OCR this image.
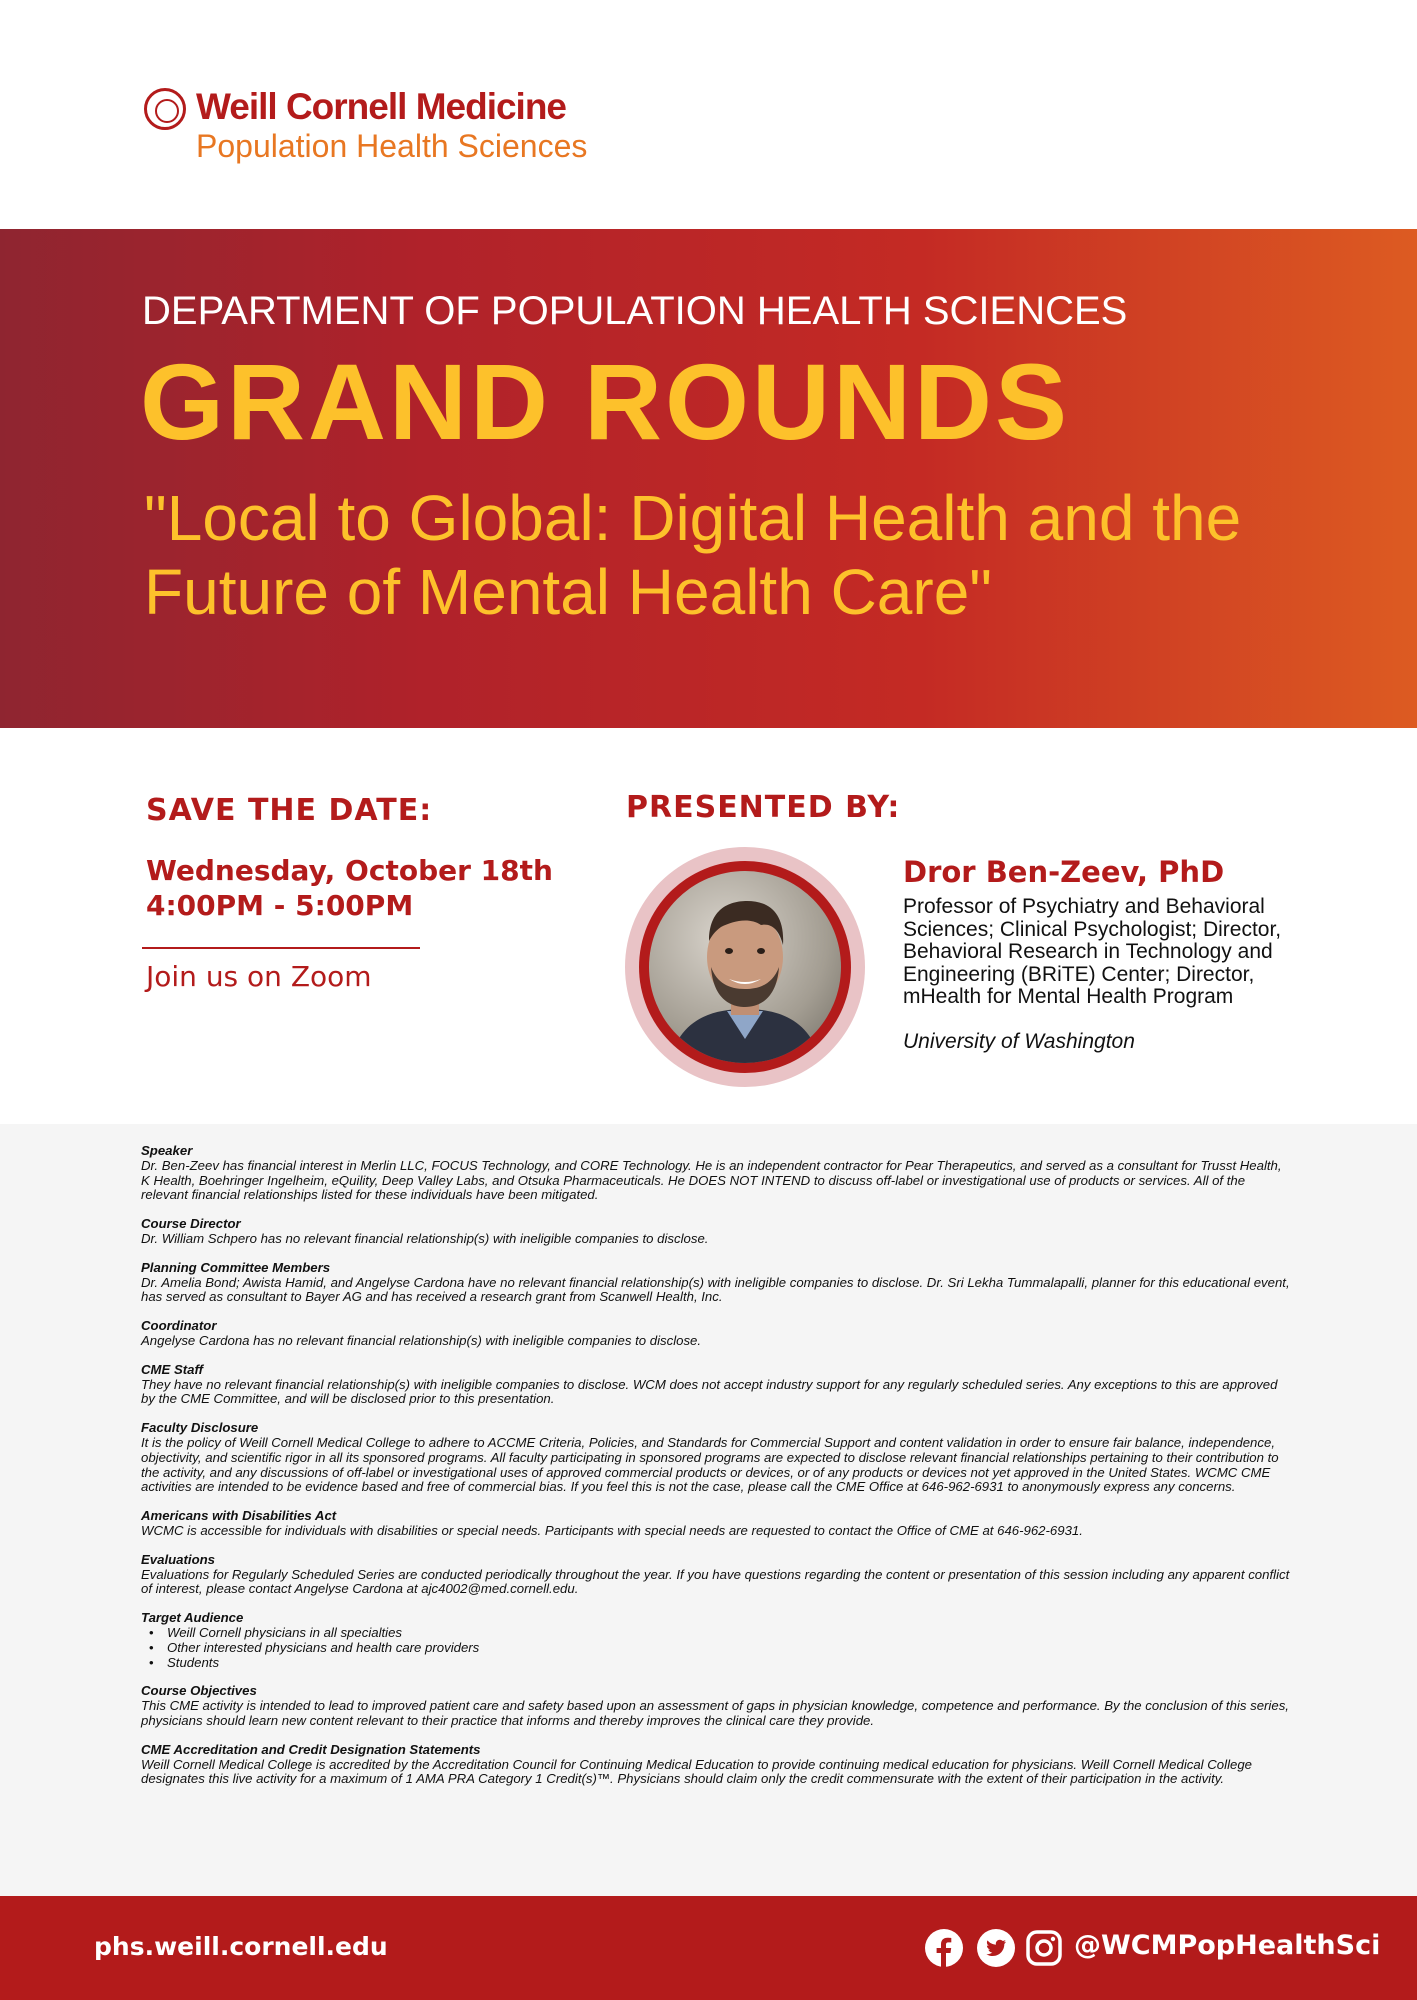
Weill Cornell Medicine
Population Health Sciences
DEPARTMENT OF POPULATION HEALTH SCIENCES
GRAND ROUNDS
"Local to Global: Digital Health and the Future of Mental Health Care"
SAVE THE DATE:
Wednesday, October 18th
4:00PM - 5:00PM
Join us on Zoom
PRESENTED BY:
Dror Ben-Zeev, PhD
Professor of Psychiatry and Behavioral Sciences; Clinical Psychologist; Director, Behavioral Research in Technology and Engineering (BRiTE) Center; Director, mHealth for Mental Health Program
University of Washington
Speaker
Dr. Ben-Zeev has financial interest in Merlin LLC, FOCUS Technology, and CORE Technology. He is an independent contractor for Pear Therapeutics, and served as a consultant for Trusst Health, K Health, Boehringer Ingelheim, eQuility, Deep Valley Labs, and Otsuka Pharmaceuticals. He DOES NOT INTEND to discuss off-label or investigational use of products or services. All of the relevant financial relationships listed for these individuals have been mitigated.
Course Director
Dr. William Schpero has no relevant financial relationship(s) with ineligible companies to disclose.
Planning Committee Members
Dr. Amelia Bond; Awista Hamid, and Angelyse Cardona have no relevant financial relationship(s) with ineligible companies to disclose. Dr. Sri Lekha Tummalapalli, planner for this educational event, has served as consultant to Bayer AG and has received a research grant from Scanwell Health, Inc.
Coordinator
Angelyse Cardona has no relevant financial relationship(s) with ineligible companies to disclose.
CME Staff
They have no relevant financial relationship(s) with ineligible companies to disclose. WCM does not accept industry support for any regularly scheduled series. Any exceptions to this are approved by the CME Committee, and will be disclosed prior to this presentation.
Faculty Disclosure
It is the policy of Weill Cornell Medical College to adhere to ACCME Criteria, Policies, and Standards for Commercial Support and content validation in order to ensure fair balance, independence, objectivity, and scientific rigor in all its sponsored programs. All faculty participating in sponsored programs are expected to disclose relevant financial relationships pertaining to their contribution to the activity, and any discussions of off-label or investigational uses of approved commercial products or devices, or of any products or devices not yet approved in the United States. WCMC CME activities are intended to be evidence based and free of commercial bias. If you feel this is not the case, please call the CME Office at 646-962-6931 to anonymously express any concerns.
Americans with Disabilities Act
WCMC is accessible for individuals with disabilities or special needs. Participants with special needs are requested to contact the Office of CME at 646-962-6931.
Evaluations
Evaluations for Regularly Scheduled Series are conducted periodically throughout the year. If you have questions regarding the content or presentation of this session including any apparent conflict of interest, please contact Angelyse Cardona at ajc4002@med.cornell.edu.
Target Audience
• Weill Cornell physicians in all specialties
• Other interested physicians and health care providers
• Students
Course Objectives
This CME activity is intended to lead to improved patient care and safety based upon an assessment of gaps in physician knowledge, competence and performance. By the conclusion of this series, physicians should learn new content relevant to their practice that informs and thereby improves the clinical care they provide.
CME Accreditation and Credit Designation Statements
Weill Cornell Medical College is accredited by the Accreditation Council for Continuing Medical Education to provide continuing medical education for physicians. Weill Cornell Medical College designates this live activity for a maximum of 1 AMA PRA Category 1 Credit(s)™. Physicians should claim only the credit commensurate with the extent of their participation in the activity.
phs.weill.cornell.edu	@WCMPopHealthSci
